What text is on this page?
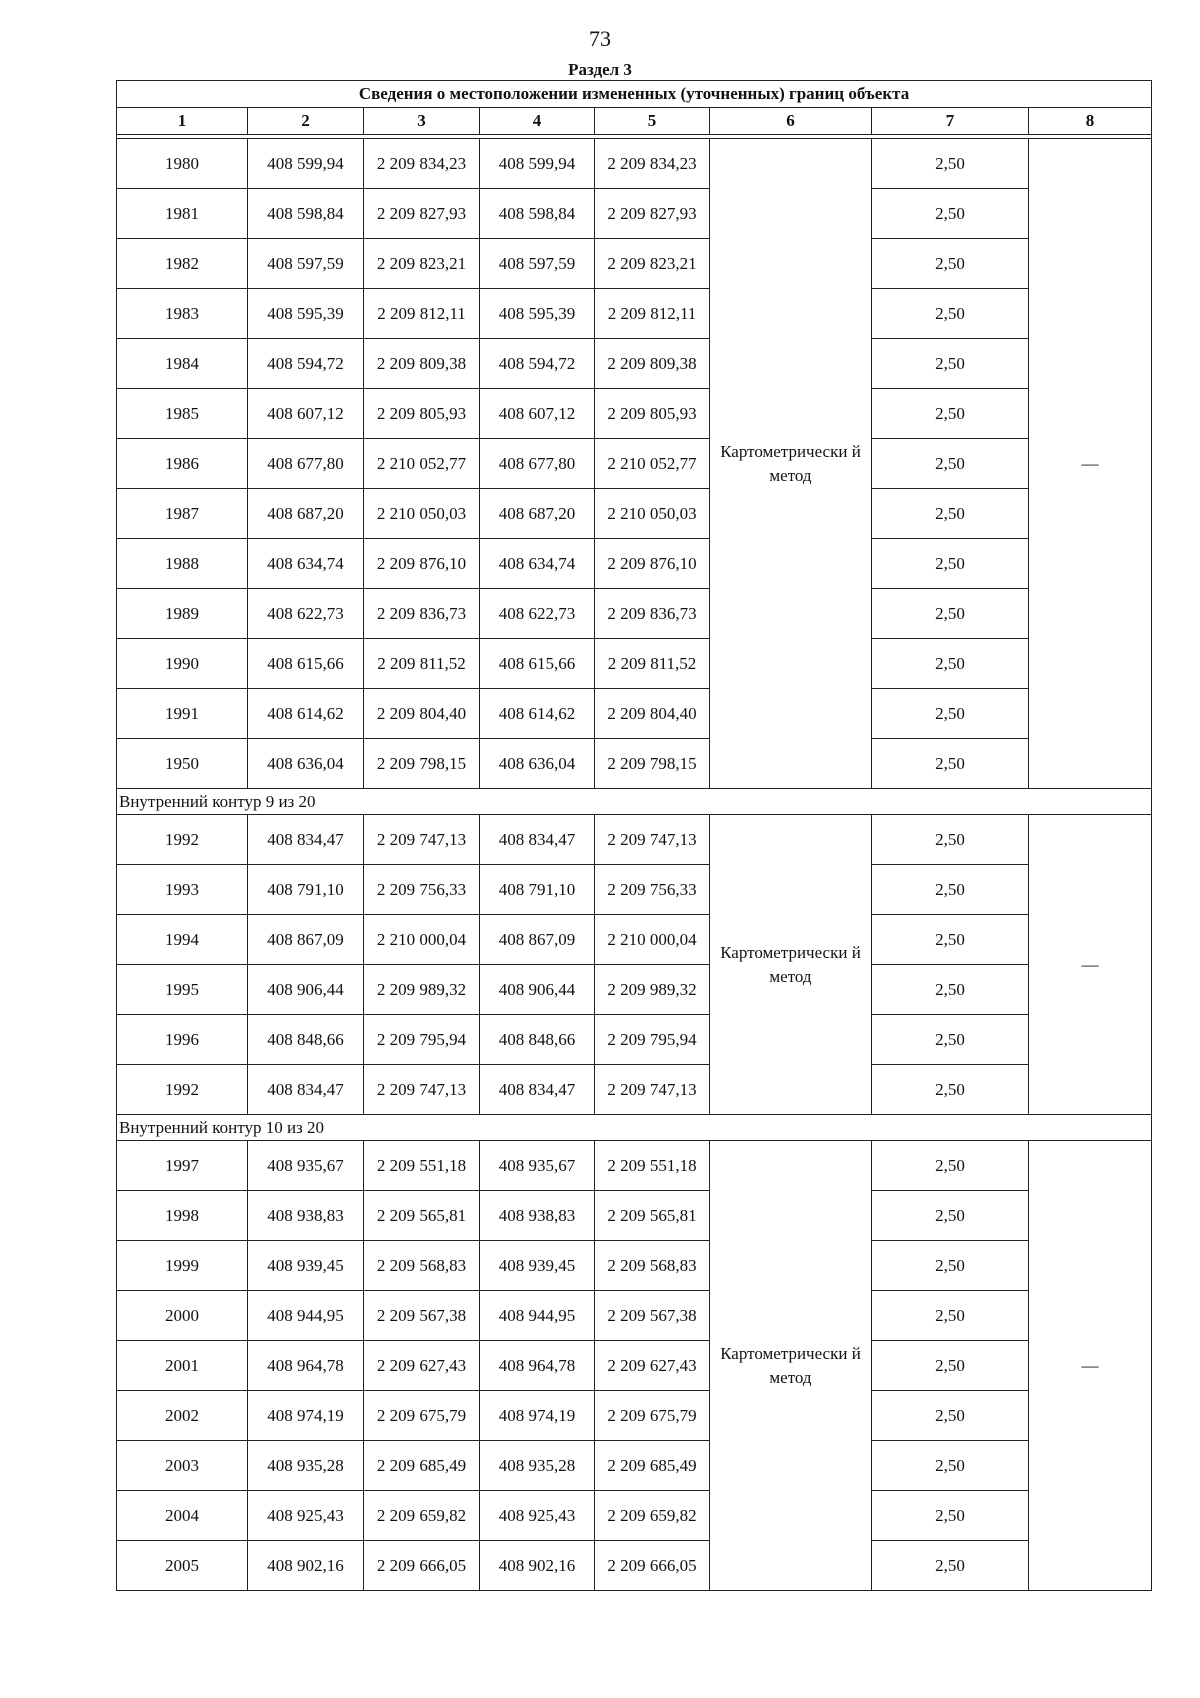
73
Раздел 3
Сведения о местоположении измененных (уточненных) границ объекта							
1	2	3	4	5	6	7	8

1980	408 599,94	2 209 834,23	408 599,94	2 209 834,23	Картометрически й метод	2,50	—
1981	408 598,84	2 209 827,93	408 598,84	2 209 827,93		2,50	
1982	408 597,59	2 209 823,21	408 597,59	2 209 823,21		2,50	
1983	408 595,39	2 209 812,11	408 595,39	2 209 812,11		2,50	
1984	408 594,72	2 209 809,38	408 594,72	2 209 809,38		2,50	
1985	408 607,12	2 209 805,93	408 607,12	2 209 805,93		2,50	
1986	408 677,80	2 210 052,77	408 677,80	2 210 052,77		2,50	
1987	408 687,20	2 210 050,03	408 687,20	2 210 050,03		2,50	
1988	408 634,74	2 209 876,10	408 634,74	2 209 876,10		2,50	
1989	408 622,73	2 209 836,73	408 622,73	2 209 836,73		2,50	
1990	408 615,66	2 209 811,52	408 615,66	2 209 811,52		2,50	
1991	408 614,62	2 209 804,40	408 614,62	2 209 804,40		2,50	
1950	408 636,04	2 209 798,15	408 636,04	2 209 798,15		2,50	
Внутренний контур 9 из 20							
1992	408 834,47	2 209 747,13	408 834,47	2 209 747,13	Картометрически й метод	2,50	—
1993	408 791,10	2 209 756,33	408 791,10	2 209 756,33		2,50	
1994	408 867,09	2 210 000,04	408 867,09	2 210 000,04		2,50	
1995	408 906,44	2 209 989,32	408 906,44	2 209 989,32		2,50	
1996	408 848,66	2 209 795,94	408 848,66	2 209 795,94		2,50	
1992	408 834,47	2 209 747,13	408 834,47	2 209 747,13		2,50	
Внутренний контур 10 из 20							
1997	408 935,67	2 209 551,18	408 935,67	2 209 551,18	Картометрически й метод	2,50	—
1998	408 938,83	2 209 565,81	408 938,83	2 209 565,81		2,50	
1999	408 939,45	2 209 568,83	408 939,45	2 209 568,83		2,50	
2000	408 944,95	2 209 567,38	408 944,95	2 209 567,38		2,50	
2001	408 964,78	2 209 627,43	408 964,78	2 209 627,43		2,50	
2002	408 974,19	2 209 675,79	408 974,19	2 209 675,79		2,50	
2003	408 935,28	2 209 685,49	408 935,28	2 209 685,49		2,50	
2004	408 925,43	2 209 659,82	408 925,43	2 209 659,82		2,50	
2005	408 902,16	2 209 666,05	408 902,16	2 209 666,05		2,50	
